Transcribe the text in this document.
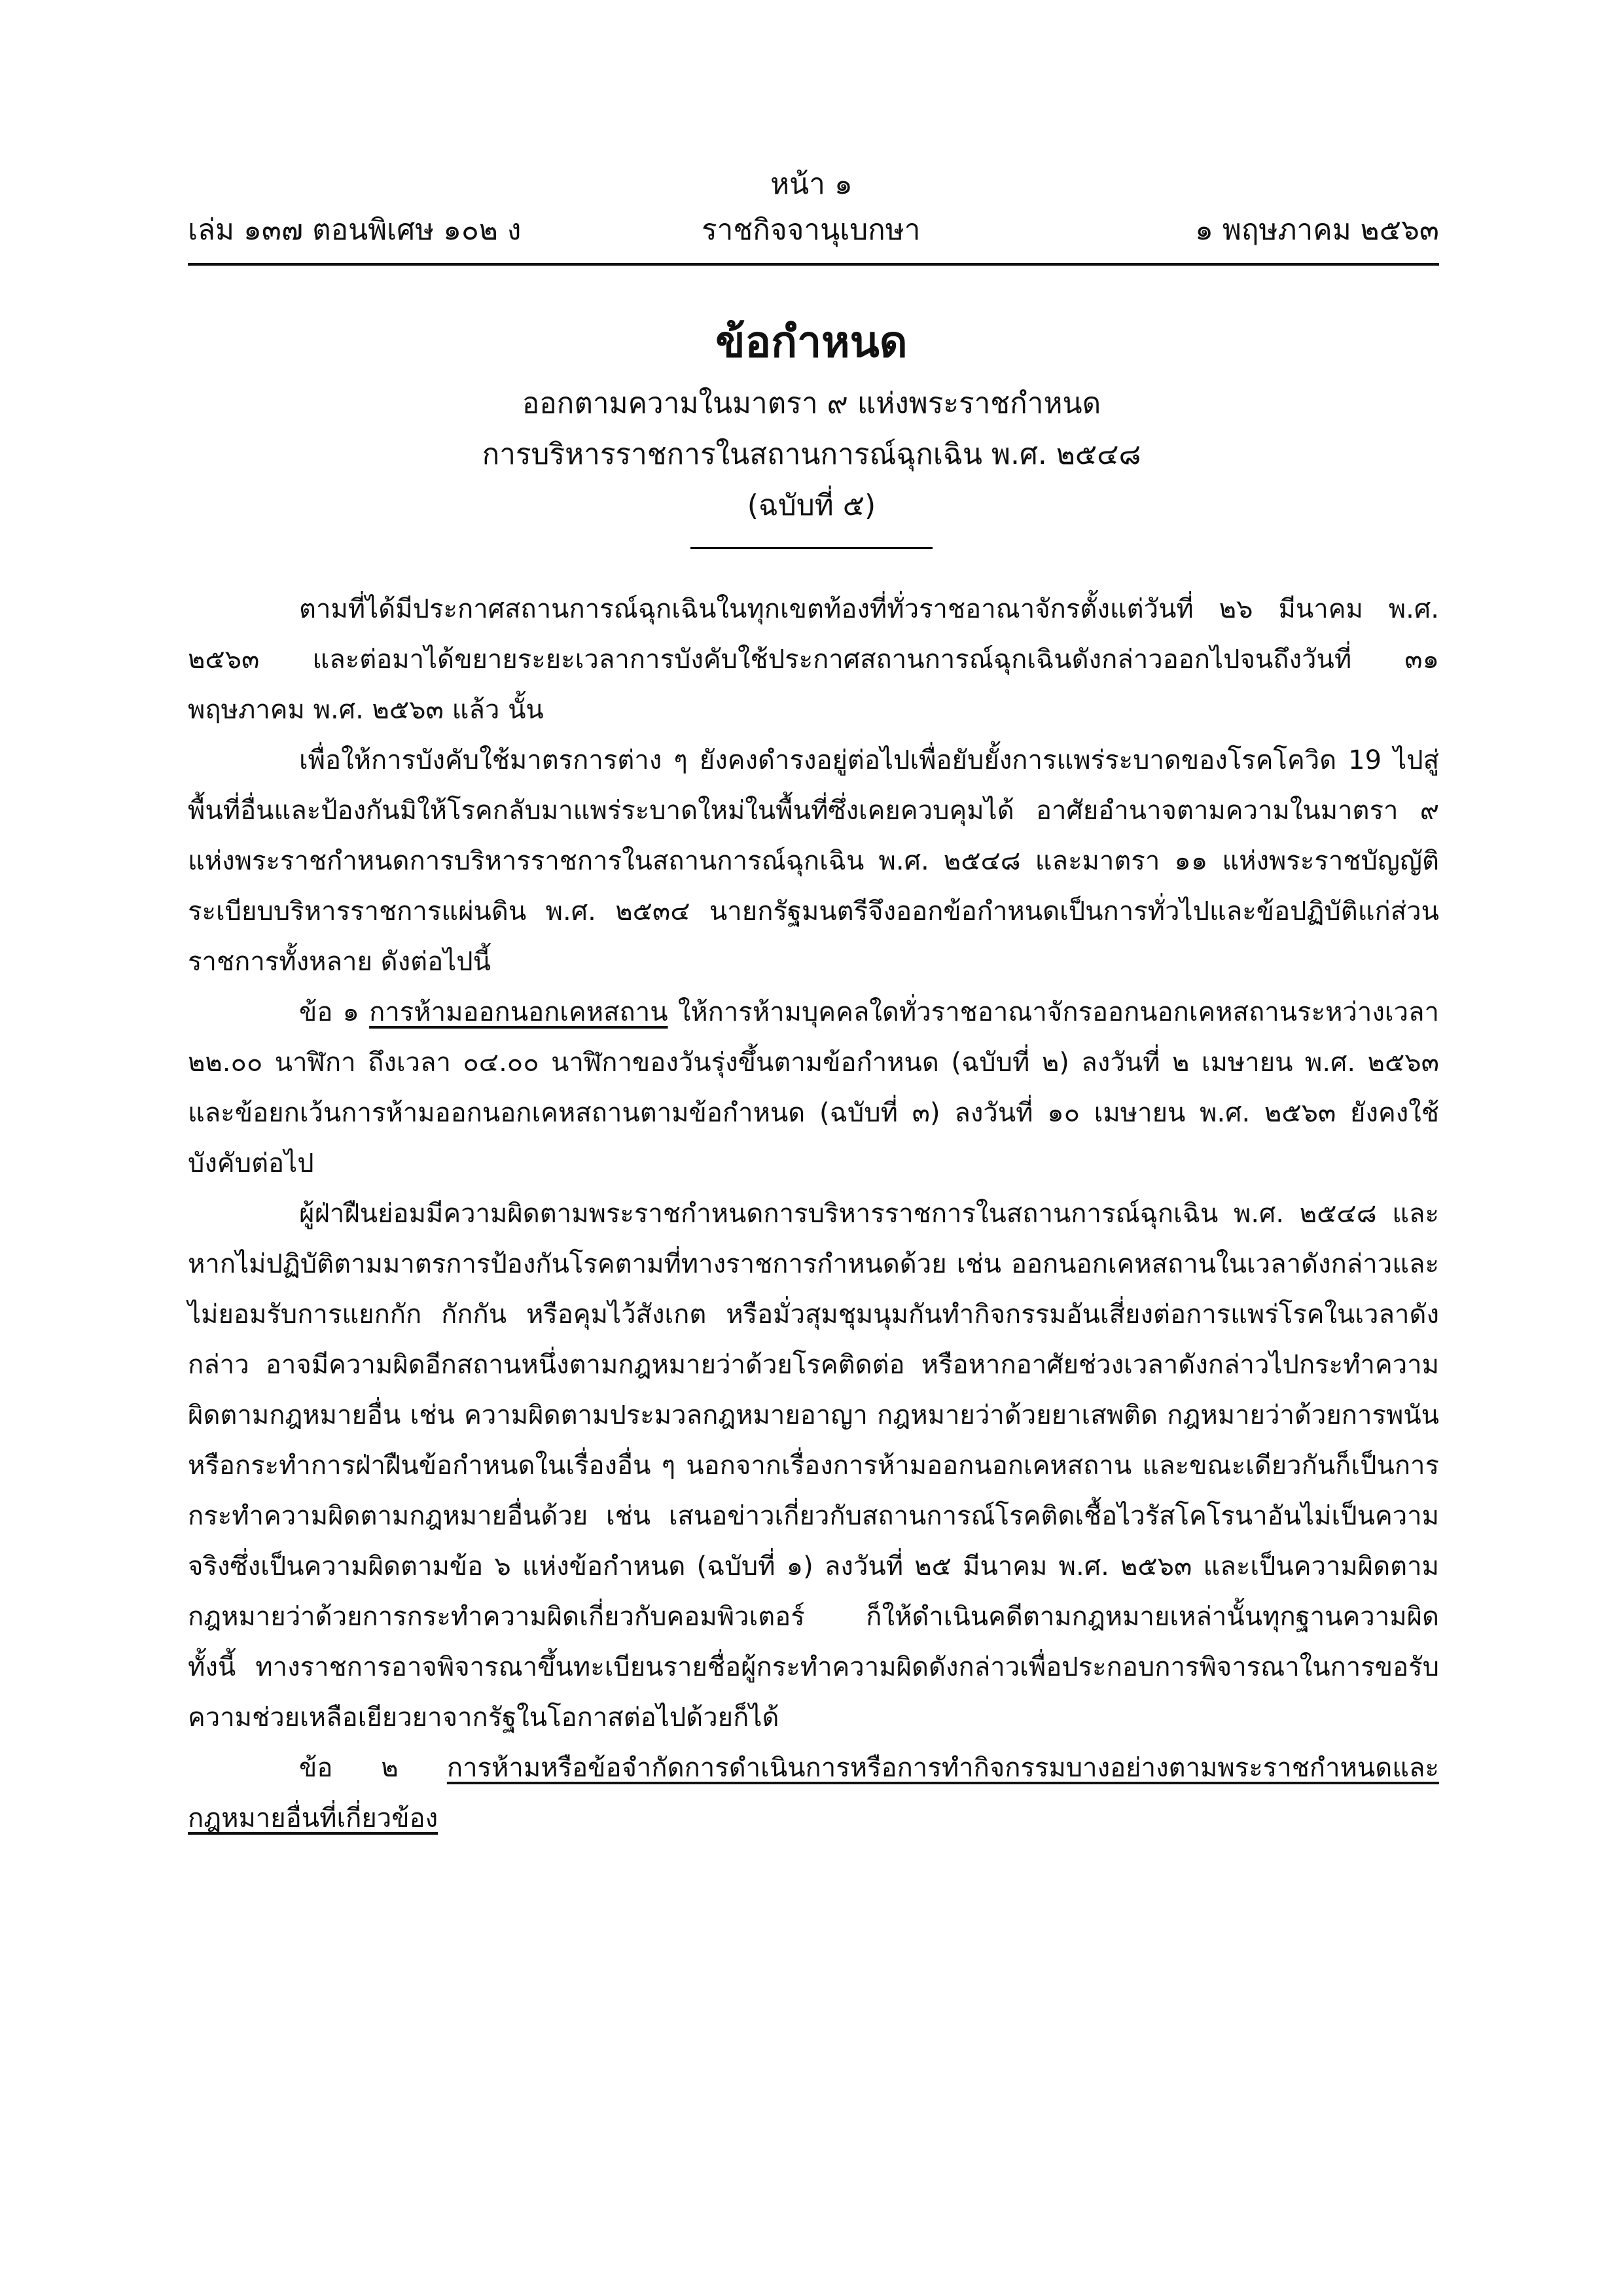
หน้า ๑
เล่ม ๑๓๗ ตอนพิเศษ ๑๐๒ ง	ราชกิจจานุเบกษา	๑ พฤษภาคม ๒๕๖๓
ข้อกำหนด
ออกตามความในมาตรา ๙ แห่งพระราชกำหนด
การบริหารราชการในสถานการณ์ฉุกเฉิน พ.ศ. ๒๕๔๘
(ฉบับที่ ๕)

ตามที่ได้มีประกาศสถานการณ์ฉุกเฉินในทุกเขตท้องที่ทั่วราชอาณาจักรตั้งแต่วันที่ ๒๖ มีนาคม พ.ศ. ๒๕๖๓ และต่อมาได้ขยายระยะเวลาการบังคับใช้ประกาศสถานการณ์ฉุกเฉินดังกล่าวออกไปจนถึงวันที่ ๓๑ พฤษภาคม พ.ศ. ๒๕๖๓ แล้ว นั้น

เพื่อให้การบังคับใช้มาตรการต่าง ๆ ยังคงดำรงอยู่ต่อไปเพื่อยับยั้งการแพร่ระบาดของโรคโควิด 19 ไปสู่พื้นที่อื่นและป้องกันมิให้โรคกลับมาแพร่ระบาดใหม่ในพื้นที่ซึ่งเคยควบคุมได้ อาศัยอำนาจตามความในมาตรา ๙ แห่งพระราชกำหนดการบริหารราชการในสถานการณ์ฉุกเฉิน พ.ศ. ๒๕๔๘ และมาตรา ๑๑ แห่งพระราชบัญญัติระเบียบบริหารราชการแผ่นดิน พ.ศ. ๒๕๓๔ นายกรัฐมนตรีจึงออกข้อกำหนดเป็นการทั่วไปและข้อปฏิบัติแก่ส่วนราชการทั้งหลาย ดังต่อไปนี้

ข้อ ๑ การห้ามออกนอกเคหสถาน ให้การห้ามบุคคลใดทั่วราชอาณาจักรออกนอกเคหสถานระหว่างเวลา ๒๒.๐๐ นาฬิกา ถึงเวลา ๐๔.๐๐ นาฬิกาของวันรุ่งขึ้นตามข้อกำหนด (ฉบับที่ ๒) ลงวันที่ ๒ เมษายน พ.ศ. ๒๕๖๓ และข้อยกเว้นการห้ามออกนอกเคหสถานตามข้อกำหนด (ฉบับที่ ๓) ลงวันที่ ๑๐ เมษายน พ.ศ. ๒๕๖๓ ยังคงใช้บังคับต่อไป

ผู้ฝ่าฝืนย่อมมีความผิดตามพระราชกำหนดการบริหารราชการในสถานการณ์ฉุกเฉิน พ.ศ. ๒๕๔๘ และหากไม่ปฏิบัติตามมาตรการป้องกันโรคตามที่ทางราชการกำหนดด้วย เช่น ออกนอกเคหสถานในเวลาดังกล่าวและไม่ยอมรับการแยกกัก กักกัน หรือคุมไว้สังเกต หรือมั่วสุมชุมนุมกันทำกิจกรรมอันเสี่ยงต่อการแพร่โรคในเวลาดังกล่าว อาจมีความผิดอีกสถานหนึ่งตามกฎหมายว่าด้วยโรคติดต่อ หรือหากอาศัยช่วงเวลาดังกล่าวไปกระทำความผิดตามกฎหมายอื่น เช่น ความผิดตามประมวลกฎหมายอาญา กฎหมายว่าด้วยยาเสพติด กฎหมายว่าด้วยการพนัน หรือกระทำการฝ่าฝืนข้อกำหนดในเรื่องอื่น ๆ นอกจากเรื่องการห้ามออกนอกเคหสถาน และขณะเดียวกันก็เป็นการกระทำความผิดตามกฎหมายอื่นด้วย เช่น เสนอข่าวเกี่ยวกับสถานการณ์โรคติดเชื้อไวรัสโคโรนาอันไม่เป็นความจริงซึ่งเป็นความผิดตามข้อ ๖ แห่งข้อกำหนด (ฉบับที่ ๑) ลงวันที่ ๒๕ มีนาคม พ.ศ. ๒๕๖๓ และเป็นความผิดตามกฎหมายว่าด้วยการกระทำความผิดเกี่ยวกับคอมพิวเตอร์ ก็ให้ดำเนินคดีตามกฎหมายเหล่านั้นทุกฐานความผิด ทั้งนี้ ทางราชการอาจพิจารณาขึ้นทะเบียนรายชื่อผู้กระทำความผิดดังกล่าวเพื่อประกอบการพิจารณาในการขอรับความช่วยเหลือเยียวยาจากรัฐในโอกาสต่อไปด้วยก็ได้

ข้อ ๒ การห้ามหรือข้อจำกัดการดำเนินการหรือการทำกิจกรรมบางอย่างตามพระราชกำหนดและกฎหมายอื่นที่เกี่ยวข้อง
